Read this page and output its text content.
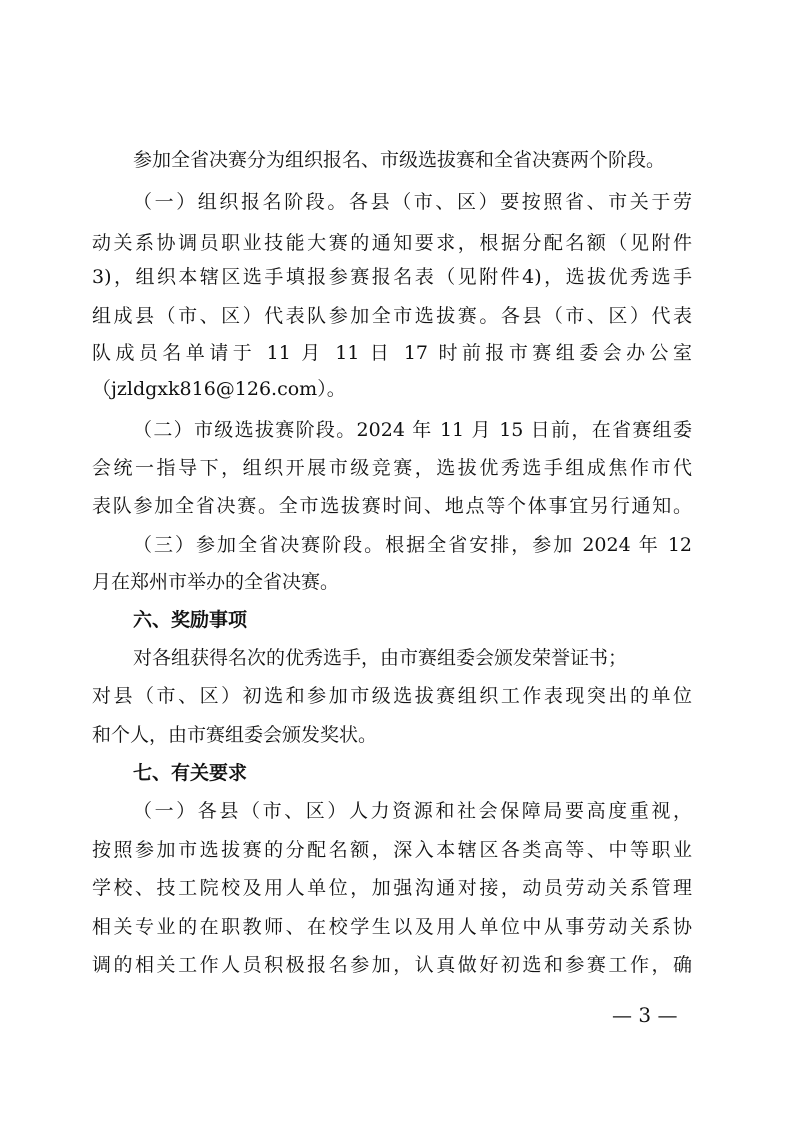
参加全省决赛分为组织报名、市级选拔赛和全省决赛两个阶段。
（一）组织报名阶段。各县（市、区）要按照省、市关于劳
动关系协调员职业技能大赛的通知要求，根据分配名额（见附件
3)，组织本辖区选手填报参赛报名表（见附件4)，选拔优秀选手
组成县（市、区）代表队参加全市选拔赛。各县（市、区）代表
队成员名单请于 11 月 11 日 17 时前报市赛组委会办公室
（jzldgxk816@126.com）。
（二）市级选拔赛阶段。2024 年 11 月 15 日前，在省赛组委
会统一指导下，组织开展市级竞赛，选拔优秀选手组成焦作市代
表队参加全省决赛。全市选拔赛时间、地点等个体事宜另行通知。
（三）参加全省决赛阶段。根据全省安排，参加 2024 年 12
月在郑州市举办的全省决赛。
六、奖励事项
对各组获得名次的优秀选手，由市赛组委会颁发荣誉证书；
对县（市、区）初选和参加市级选拔赛组织工作表现突出的单位
和个人，由市赛组委会颁发奖状。
七、有关要求
（一）各县（市、区）人力资源和社会保障局要高度重视，
按照参加市选拔赛的分配名额，深入本辖区各类高等、中等职业
学校、技工院校及用人单位，加强沟通对接，动员劳动关系管理
相关专业的在职教师、在校学生以及用人单位中从事劳动关系协
调的相关工作人员积极报名参加，认真做好初选和参赛工作，确
— 3 —
